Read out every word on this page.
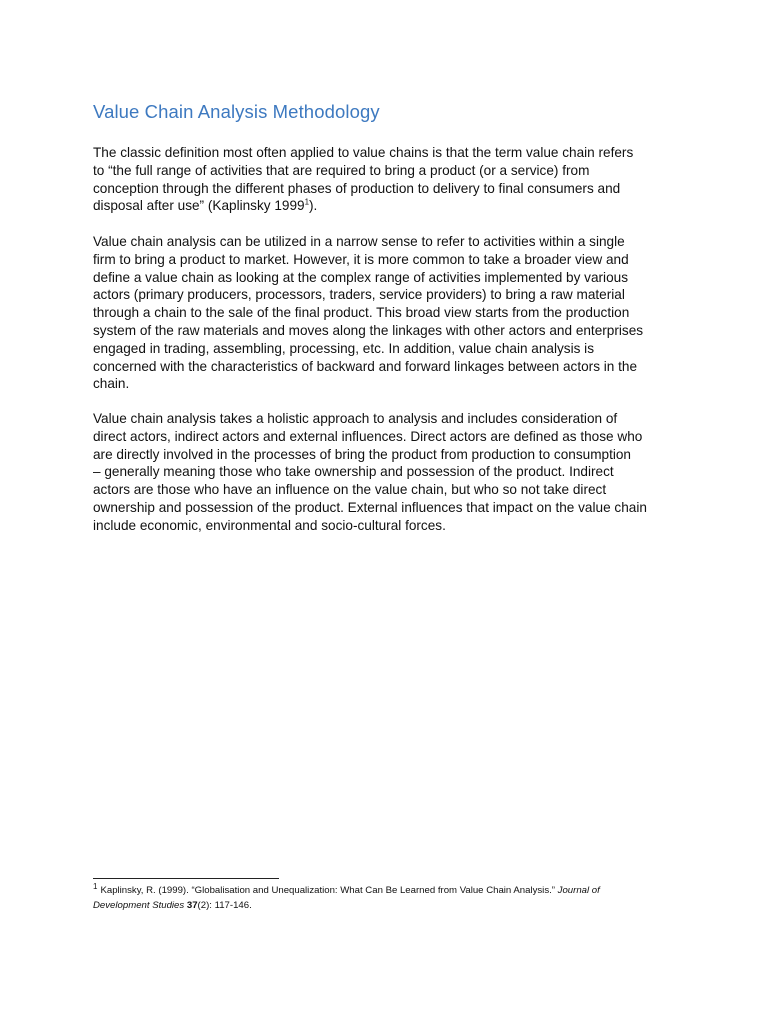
Value Chain Analysis Methodology
The classic definition most often applied to value chains is that the term value chain refers
to “the full range of activities that are required to bring a product (or a service) from
conception through the different phases of production to delivery to final consumers and
disposal after use” (Kaplinsky 1999$^1$).
Value chain analysis can be utilized in a narrow sense to refer to activities within a single
firm to bring a product to market. However, it is more common to take a broader view and
define a value chain as looking at the complex range of activities implemented by various
actors (primary producers, processors, traders, service providers) to bring a raw material
through a chain to the sale of the final product. This broad view starts from the production
system of the raw materials and moves along the linkages with other actors and enterprises
engaged in trading, assembling, processing, etc. In addition, value chain analysis is
concerned with the characteristics of backward and forward linkages between actors in the
chain.
Value chain analysis takes a holistic approach to analysis and includes consideration of
direct actors, indirect actors and external influences. Direct actors are defined as those who
are directly involved in the processes of bring the product from production to consumption
– generally meaning those who take ownership and possession of the product. Indirect
actors are those who have an influence on the value chain, but who so not take direct
ownership and possession of the product. External influences that impact on the value chain
include economic, environmental and socio-cultural forces.
$^1$ Kaplinsky, R. (1999). “Globalisation and Unequalization: What Can Be Learned from Value Chain Analysis.” Journal of
Development Studies 37(2): 117-146.
